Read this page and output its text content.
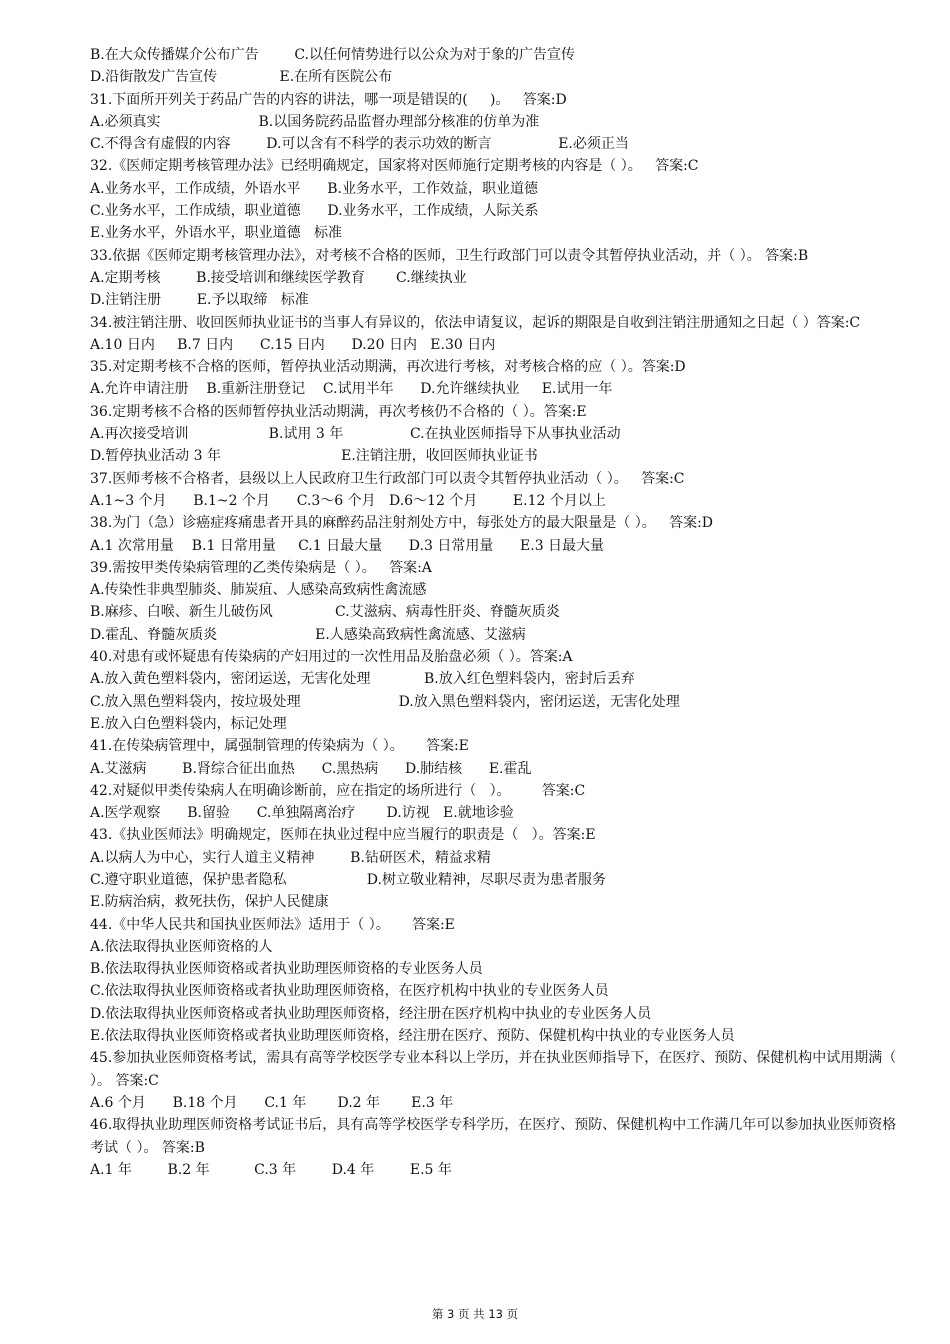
B.在大众传播媒介公布广告        C.以任何情势进行以公众为对于象的广告宣传
D.沿街散发广告宣传              E.在所有医院公布
31.下面所开列关于药品广告的内容的讲法，哪一项是错误的(     )。   答案:D
A.必须真实                      B.以国务院药品监督办理部分核准的仿单为准
C.不得含有虚假的内容        D.可以含有不科学的表示功效的断言               E.必须正当
32.《医师定期考核管理办法》已经明确规定，国家将对医师施行定期考核的内容是（ ）。   答案:C
A.业务水平，工作成绩，外语水平      B.业务水平，工作效益，职业道德
C.业务水平，工作成绩，职业道德      D.业务水平，工作成绩，人际关系
E.业务水平，外语水平，职业道德   标准
33.依据《医师定期考核管理办法》，对考核不合格的医师，卫生行政部门可以责令其暂停执业活动，并（ ）。 答案:B
A.定期考核        B.接受培训和继续医学教育       C.继续执业
D.注销注册        E.予以取缔   标准
34.被注销注册、收回医师执业证书的当事人有异议的，依法申请复议，起诉的期限是自收到注销注册通知之日起（ ）答案:C
A.10 日内     B.7 日内      C.15 日内      D.20 日内   E.30 日内
35.对定期考核不合格的医师，暂停执业活动期满，再次进行考核，对考核合格的应（ ）。答案:D
A.允许申请注册    B.重新注册登记    C.试用半年      D.允许继续执业     E.试用一年
36.定期考核不合格的医师暂停执业活动期满，再次考核仍不合格的（ ）。答案:E
A.再次接受培训                  B.试用 3 年               C.在执业医师指导下从事执业活动
D.暂停执业活动 3 年                           E.注销注册，收回医师执业证书
37.医师考核不合格者，县级以上人民政府卫生行政部门可以责令其暂停执业活动（ ）。   答案:C
A.1~3 个月      B.1~2 个月      C.3～6 个月   D.6～12 个月        E.12 个月以上
38.为门（急）诊癌症疼痛患者开具的麻醉药品注射剂处方中，每张处方的最大限量是（ ）。   答案:D
A.1 次常用量    B.1 日常用量     C.1 日最大量      D.3 日常用量      E.3 日最大量
39.需按甲类传染病管理的乙类传染病是（ ）。   答案:A
A.传染性非典型肺炎、肺炭疽、人感染高致病性禽流感
B.麻疹、白喉、新生儿破伤风              C.艾滋病、病毒性肝炎、脊髓灰质炎
D.霍乱、脊髓灰质炎                      E.人感染高致病性禽流感、艾滋病
40.对患有或怀疑患有传染病的产妇用过的一次性用品及胎盘必须（ ）。答案:A
A.放入黄色塑料袋内，密闭运送，无害化处理            B.放入红色塑料袋内，密封后丢弃
C.放入黑色塑料袋内，按垃圾处理                      D.放入黑色塑料袋内，密闭运送，无害化处理
E.放入白色塑料袋内，标记处理
41.在传染病管理中，属强制管理的传染病为（ ）。     答案:E
A.艾滋病        B.肾综合征出血热      C.黑热病      D.肺结核      E.霍乱
42.对疑似甲类传染病人在明确诊断前，应在指定的场所进行（   ）。       答案:C
A.医学观察      B.留验      C.单独隔离治疗       D.访视   E.就地诊验
43.《执业医师法》明确规定，医师在执业过程中应当履行的职责是（   ）。答案:E
A.以病人为中心，实行人道主义精神        B.钻研医术，精益求精
C.遵守职业道德，保护患者隐私                  D.树立敬业精神，尽职尽责为患者服务
E.防病治病，救死扶伤，保护人民健康
44.《中华人民共和国执业医师法》适用于（ ）。     答案:E
A.依法取得执业医师资格的人
B.依法取得执业医师资格或者执业助理医师资格的专业医务人员
C.依法取得执业医师资格或者执业助理医师资格，在医疗机构中执业的专业医务人员
D.依法取得执业医师资格或者执业助理医师资格，经注册在医疗机构中执业的专业医务人员
E.依法取得执业医师资格或者执业助理医师资格，经注册在医疗、预防、保健机构中执业的专业医务人员
45.参加执业医师资格考试，需具有高等学校医学专业本科以上学历，并在执业医师指导下，在医疗、预防、保健机构中试用期满（ ）。 答案:C
A.6 个月      B.18 个月      C.1 年       D.2 年       E.3 年
46.取得执业助理医师资格考试证书后，具有高等学校医学专科学历，在医疗、预防、保健机构中工作满几年可以参加执业医师资格考试（ ）。 答案:B
A.1 年        B.2 年          C.3 年        D.4 年        E.5 年
第 3 页 共 13 页
